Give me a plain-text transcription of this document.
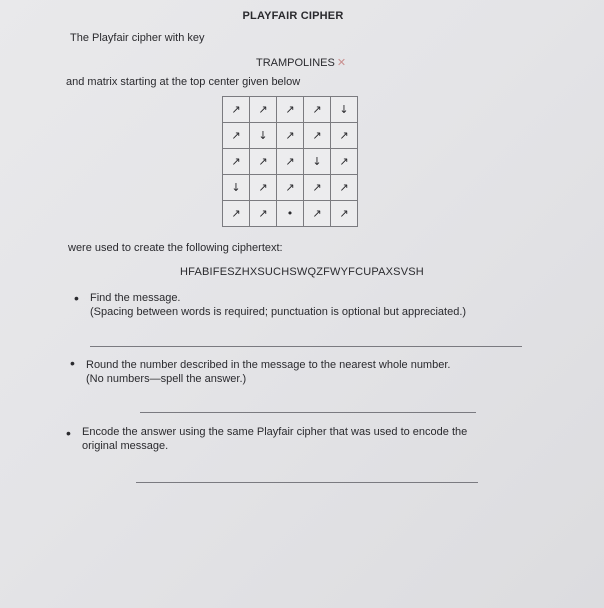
PLAYFAIR CIPHER
The Playfair cipher with key
TRAMPOLINES ✕
and matrix starting at the top center given below
↗	↗	↗	↗	↓
↗	↓	↗	↗	↗
↗	↗	↗	↓	↗
↓	↗	↗	↗	↗
↗	↗	•	↗	↗
were used to create the following ciphertext:
HFABIFESZHXSUCHSWQZFWYFCUPAXSVSH
• Find the message.
(Spacing between words is required; punctuation is optional but appreciated.)
• Round the number described in the message to the nearest whole number.
(No numbers—spell the answer.)
• Encode the answer using the same Playfair cipher that was used to encode the
original message.
